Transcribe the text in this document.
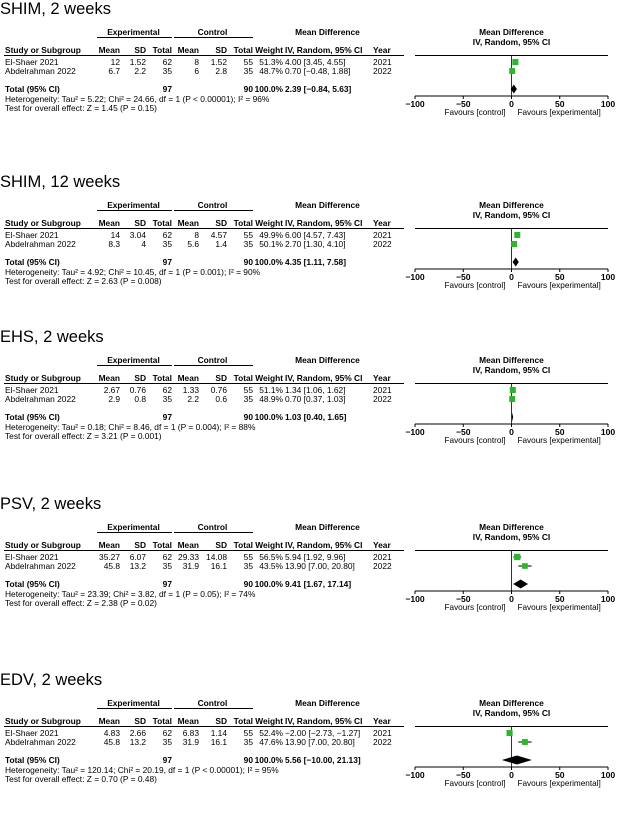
SHIM, 2 weeks
Experimental	Control	Mean Difference	Mean Difference
IV, Random, 95% CI
Study or Subgroup	Mean	SD Total Mean	SD Total Weight IV, Random, 95% CI	Year
El-Shaer 2021	12	1.52	62	8	1.52	55 51.3% 4.00 [3.45, 4.55]	2021
Abdelrahman 2022	6.7	2.2	35	6	2.8	35 48.7% 0.70 [−0.48, 1.88]	2022
Total (95% CI)	97	90 100.0% 2.39 [−0.84, 5.63]
Heterogeneity: Tau² = 5.22; Chi² = 24.66, df = 1 (P < 0.00001); I² = 96%
Test for overall effect: Z = 1.45 (P = 0.15)	−100	−50	0	50	100
Favours [control] Favours [experimental]
SHIM, 12 weeks
Experimental	Control	Mean Difference	Mean Difference
IV, Random, 95% CI
Study or Subgroup	Mean	SD Total Mean	SD Total Weight IV, Random, 95% CI	Year
El-Shaer 2021	14	3.04	62	8	4.57	55 49.9% 6.00 [4.57, 7.43]	2021
Abdelrahman 2022	8.3	4	35	5.6	1.4	35 50.1% 2.70 [1.30, 4.10]	2022
Total (95% CI)	97	90 100.0% 4.35 [1.11, 7.58]
Heterogeneity: Tau² = 4.92; Chi² = 10.45, df = 1 (P = 0.001); I² = 90%
Test for overall effect: Z = 2.63 (P = 0.008)	−100	−50	0	50	100
Favours [control] Favours [experimental]
EHS, 2 weeks
Experimental	Control	Mean Difference	Mean Difference
IV, Random, 95% CI
Study or Subgroup	Mean	SD Total Mean	SD Total Weight IV, Random, 95% CI	Year
El-Shaer 2021	2.67	0.76	62	1.33	0.76	55 51.1% 1.34 [1.06, 1.62]	2021
Abdelrahman 2022	2.9	0.8	35	2.2	0.6	35 48.9% 0.70 [0.37, 1.03]	2022
Total (95% CI)	97	90 100.0% 1.03 [0.40, 1.65]
Heterogeneity: Tau² = 0.18; Chi² = 8.46, df = 1 (P = 0.004); I² = 88%
Test for overall effect: Z = 3.21 (P = 0.001)	−100	−50	0	50	100
Favours [control] Favours [experimental]
PSV, 2 weeks
Experimental	Control	Mean Difference	Mean Difference
IV, Random, 95% CI
Study or Subgroup	Mean	SD Total Mean	SD Total Weight IV, Random, 95% CI	Year
El-Shaer 2021	35.27	6.07	62 29.33 14.08	55 56.5% 5.94 [1.92, 9.96]	2021
Abdelrahman 2022	45.8	13.2	35	31.9	16.1	35 43.5% 13.90 [7.00, 20.80]	2022
Total (95% CI)	97	90 100.0% 9.41 [1.67, 17.14]
Heterogeneity: Tau² = 23.39; Chi² = 3.82, df = 1 (P = 0.05); I² = 74%
Test for overall effect: Z = 2.38 (P = 0.02)	−100	−50	0	50	100
Favours [control] Favours [experimental]
EDV, 2 weeks
Experimental	Control	Mean Difference	Mean Difference
IV, Random, 95% CI
Study or Subgroup	Mean	SD Total Mean	SD Total Weight IV, Random, 95% CI	Year
El-Shaer 2021	4.83	2.66	62	6.83	1.14	55 52.4% −2.00 [−2.73, −1.27]	2021
Abdelrahman 2022	45.8	13.2	35	31.9	16.1	35 47.6% 13.90 [7.00, 20.80]	2022
Total (95% CI)	97	90 100.0% 5.56 [−10.00, 21.13]
Heterogeneity: Tau² = 120.14; Chi² = 20.19, df = 1 (P < 0.00001); I² = 95%
Test for overall effect: Z = 0.70 (P = 0.48)	−100	−50	0	50	100
Favours [control] Favours [experimental]
